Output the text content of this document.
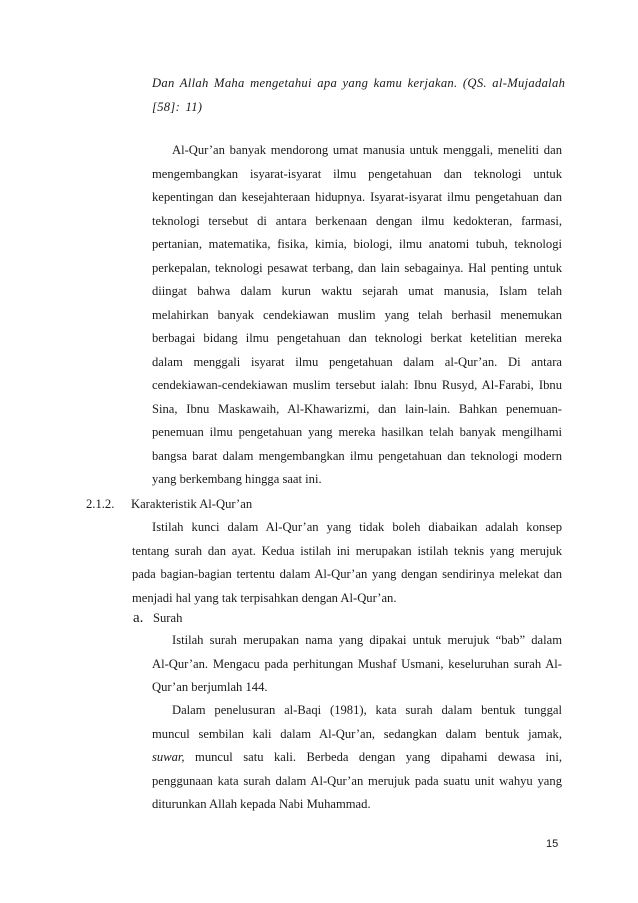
Dan Allah Maha mengetahui apa yang kamu kerjakan. (QS. al-Mujadalah
[58]: 11)
Al-Qur’an banyak mendorong umat manusia untuk menggali, meneliti dan
mengembangkan isyarat-isyarat ilmu pengetahuan dan teknologi untuk
kepentingan dan kesejahteraan hidupnya. Isyarat-isyarat ilmu pengetahuan dan
teknologi tersebut di antara berkenaan dengan ilmu kedokteran, farmasi,
pertanian, matematika, fisika, kimia, biologi, ilmu anatomi tubuh, teknologi
perkepalan, teknologi pesawat terbang, dan lain sebagainya. Hal penting untuk
diingat bahwa dalam kurun waktu sejarah umat manusia, Islam telah
melahirkan banyak cendekiawan muslim yang telah berhasil menemukan
berbagai bidang ilmu pengetahuan dan teknologi berkat ketelitian mereka
dalam menggali isyarat ilmu pengetahuan dalam al-Qur’an. Di antara
cendekiawan-cendekiawan muslim tersebut ialah: Ibnu Rusyd, Al-Farabi, Ibnu
Sina, Ibnu Maskawaih, Al-Khawarizmi, dan lain-lain. Bahkan penemuan-
penemuan ilmu pengetahuan yang mereka hasilkan telah banyak mengilhami
bangsa barat dalam mengembangkan ilmu pengetahuan dan teknologi modern
yang berkembang hingga saat ini.
2.1.2. Karakteristik Al-Qur’an
Istilah kunci dalam Al-Qur’an yang tidak boleh diabaikan adalah konsep
tentang surah dan ayat. Kedua istilah ini merupakan istilah teknis yang merujuk
pada bagian-bagian tertentu dalam Al-Qur’an yang dengan sendirinya melekat dan
menjadi hal yang tak terpisahkan dengan Al-Qur’an.
a. Surah
Istilah surah merupakan nama yang dipakai untuk merujuk “bab” dalam
Al-Qur’an. Mengacu pada perhitungan Mushaf Usmani, keseluruhan surah Al-
Qur’an berjumlah 144.
Dalam penelusuran al-Baqi (1981), kata surah dalam bentuk tunggal
muncul sembilan kali dalam Al-Qur’an, sedangkan dalam bentuk jamak,
suwar, muncul satu kali. Berbeda dengan yang dipahami dewasa ini,
penggunaan kata surah dalam Al-Qur’an merujuk pada suatu unit wahyu yang
diturunkan Allah kepada Nabi Muhammad.
15
